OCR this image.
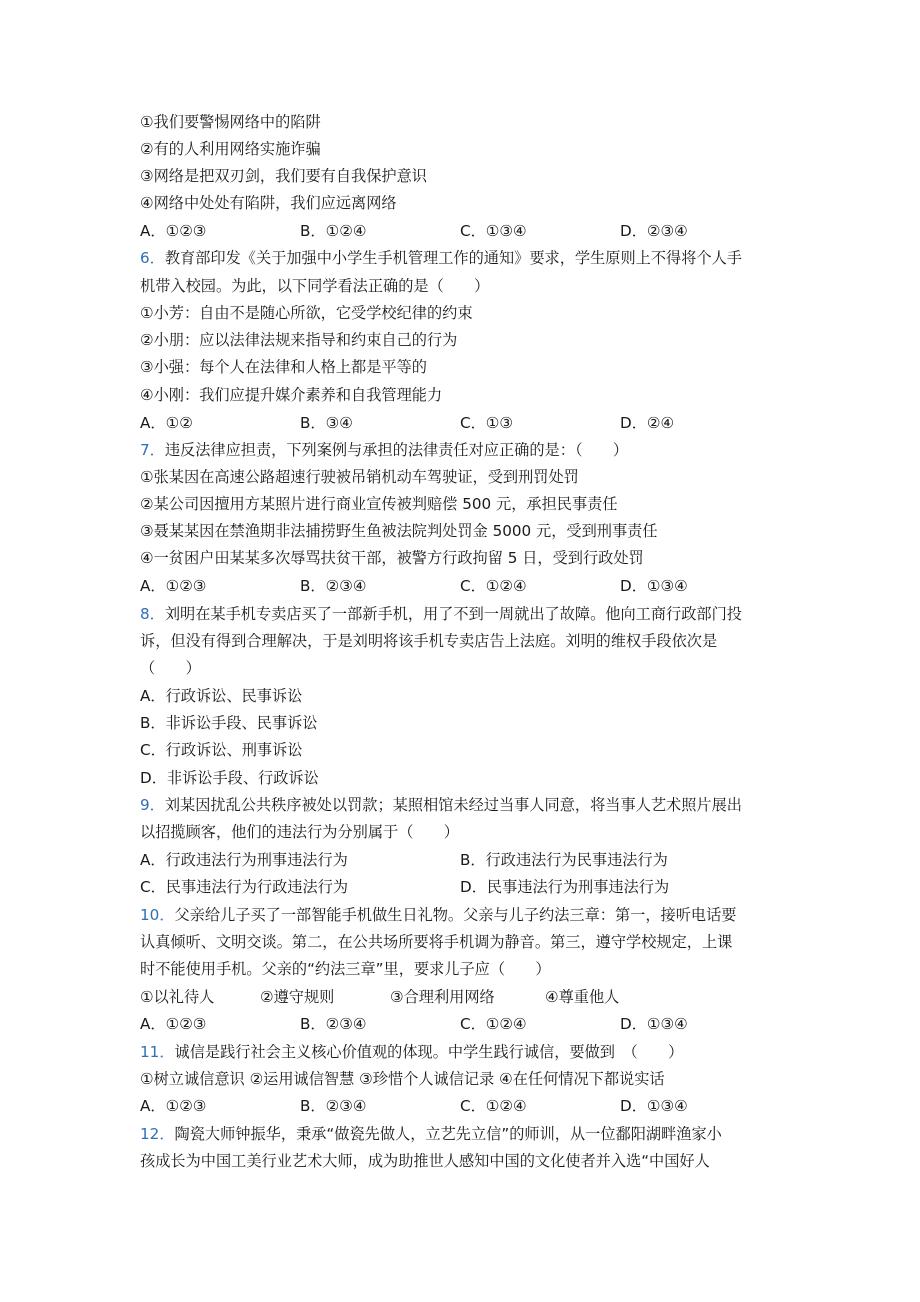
①我们要警惕网络中的陷阱
②有的人利用网络实施诈骗
③网络是把双刃剑，我们要有自我保护意识
④网络中处处有陷阱，我们应远离网络
A．①②③	B．①②④	C．①③④	D．②③④
6．教育部印发《关于加强中小学生手机管理工作的通知》要求，学生原则上不得将个人手
机带入校园。为此，以下同学看法正确的是（　　）
①小芳：自由不是随心所欲，它受学校纪律的约束
②小朋：应以法律法规来指导和约束自己的行为
③小强：每个人在法律和人格上都是平等的
④小刚：我们应提升媒介素养和自我管理能力
A．①②	B．③④	C．①③	D．②④
7．违反法律应担责，下列案例与承担的法律责任对应正确的是：（　　）
①张某因在高速公路超速行驶被吊销机动车驾驶证，受到刑罚处罚
②某公司因擅用方某照片进行商业宣传被判赔偿 500 元，承担民事责任
③聂某某因在禁渔期非法捕捞野生鱼被法院判处罚金 5000 元，受到刑事责任
④一贫困户田某某多次辱骂扶贫干部，被警方行政拘留 5 日，受到行政处罚
A．①②③	B．②③④	C．①②④	D．①③④
8．刘明在某手机专卖店买了一部新手机，用了不到一周就出了故障。他向工商行政部门投
诉，但没有得到合理解决，于是刘明将该手机专卖店告上法庭。刘明的维权手段依次是
（　　）
A．行政诉讼、民事诉讼
B．非诉讼手段、民事诉讼
C．行政诉讼、刑事诉讼
D．非诉讼手段、行政诉讼
9．刘某因扰乱公共秩序被处以罚款；某照相馆未经过当事人同意，将当事人艺术照片展出
以招揽顾客，他们的违法行为分别属于（　　）
A．行政违法行为刑事违法行为	B．行政违法行为民事违法行为
C．民事违法行为行政违法行为	D．民事违法行为刑事违法行为
10．父亲给儿子买了一部智能手机做生日礼物。父亲与儿子约法三章：第一，接听电话要
认真倾听、文明交谈。第二，在公共场所要将手机调为静音。第三，遵守学校规定，上课
时不能使用手机。父亲的“约法三章”里，要求儿子应（　　）
①以礼待人	②遵守规则	③合理利用网络	④尊重他人
A．①②③	B．②③④	C．①②④	D．①③④
11．诚信是践行社会主义核心价值观的体现。中学生践行诚信，要做到　（　　）
①树立诚信意识 ②运用诚信智慧 ③珍惜个人诚信记录 ④在任何情况下都说实话
A．①②③	B．②③④	C．①②④	D．①③④
12．陶瓷大师钟振华，秉承“做瓷先做人，立艺先立信”的师训，从一位鄱阳湖畔渔家小
孩成长为中国工美行业艺术大师，成为助推世人感知中国的文化使者并入选“中国好人
